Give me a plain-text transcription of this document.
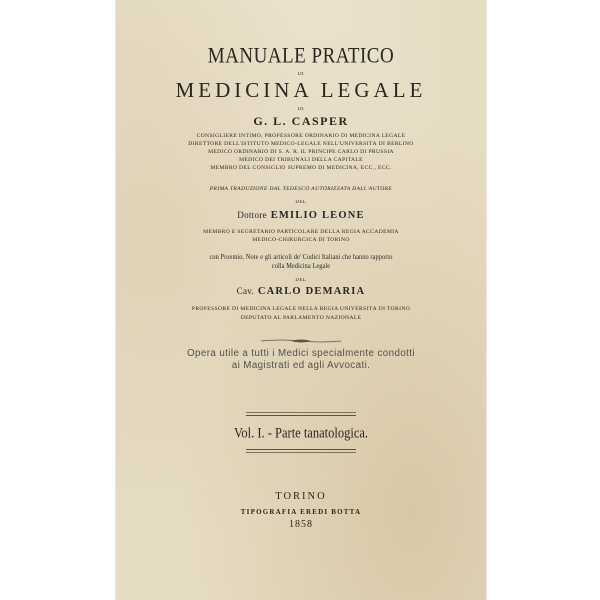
MANUALE PRATICO
DI
MEDICINA LEGALE
DI
G. L. CASPER
CONSIGLIERE INTIMO, PROFESSORE ORDINARIO DI MEDICINA LEGALE
DIRETTORE DELL'ISTITUTO MEDICO-LEGALE NELL'UNIVERSITÀ DI BERLINO
MEDICO ORDINARIO DI S. A. R. IL PRINCIPE CARLO DI PRUSSIA
MEDICO DEI TRIBUNALI DELLA CAPITALE
MEMBRO DEL CONSIGLIO SUPREMO DI MEDICINA, ECC., ECC.
PRIMA TRADUZIONE DAL TEDESCO AUTORIZZATA DALL'AUTORE
DEL
Dottore EMILIO LEONE
MEMBRO E SEGRETARIO PARTICOLARE DELLA REGIA ACCADEMIA
MEDICO-CHIRURGICA DI TORINO
con Proemio, Note e gli articoli de' Codici Italiani che hanno rapporto
colla Medicina Legale
DEL
Cav. CARLO DEMARIA
PROFESSORE DI MEDICINA LEGALE NELLA REGIA UNIVERSITÀ DI TORINO
DEPUTATO AL PARLAMENTO NAZIONALE
Opera utile a tutti i Medici specialmente condotti
ai Magistrati ed agli Avvocati.
Vol. I. - Parte tanatologica.
TORINO
TIPOGRAFIA EREDI BOTTA
1858
